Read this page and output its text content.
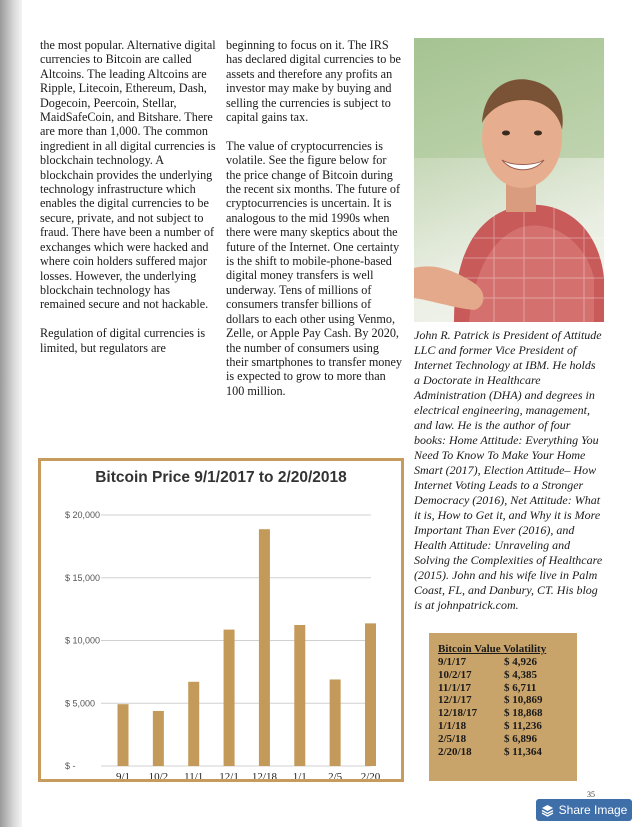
the most popular. Alternative digital currencies to Bitcoin are called Altcoins. The leading Altcoins are Ripple, Litecoin, Ethereum, Dash, Dogecoin, Peercoin, Stellar, MaidSafeCoin, and Bitshare. There are more than 1,000. The common ingredient in all digital currencies is blockchain technology. A blockchain provides the underlying technology infrastructure which enables the digital currencies to be secure, private, and not subject to fraud. There have been a number of exchanges which were hacked and where coin holders suffered major losses. However, the underlying blockchain technology has remained secure and not hackable.

Regulation of digital currencies is limited, but regulators are

beginning to focus on it. The IRS has declared digital currencies to be assets and therefore any profits an investor may make by buying and selling the currencies is subject to capital gains tax.

The value of cryptocurrencies is volatile. See the figure below for the price change of Bitcoin during the recent six months. The future of cryptocurrencies is uncertain. It is analogous to the mid 1990s when there were many skeptics about the future of the Internet. One certainty is the shift to mobile-phone-based digital money transfers is well underway. Tens of millions of consumers transfer billions of dollars to each other using Venmo, Zelle, or Apple Pay Cash. By 2020, the number of consumers using their smartphones to transfer money is expected to grow to more than 100 million.

John R. Patrick is President of Attitude LLC and former Vice President of Internet Technology at IBM. He holds a Doctorate in Healthcare Administration (DHA) and degrees in electrical engineering, management, and law. He is the author of four books: Home Attitude: Everything You Need To Know To Make Your Home Smart (2017), Election Attitude– How Internet Voting Leads to a Stronger Democracy (2016), Net Attitude: What it is, How to Get it, and Why it is More Important Than Ever (2016), and Health Attitude: Unraveling and Solving the Complexities of Healthcare (2015). John and his wife live in Palm Coast, FL, and Danbury, CT. His blog is at johnpatrick.com.
Bitcoin Price 9/1/2017 to 2/20/2018
$ -
$ 5,000
$ 10,000
$ 15,000
$ 20,000
9/1 10/2 11/1 12/1 12/18 1/1 2/5 2/20
Bitcoin Value Volatility
9/1/17	$ 4,926
10/2/17	$ 4,385
11/1/17	$ 6,711
12/1/17	$ 10,869
12/18/17	$ 18,868
1/1/18	$ 11,236
2/5/18	$ 6,896
2/20/18	$ 11,364
35
Share Image
